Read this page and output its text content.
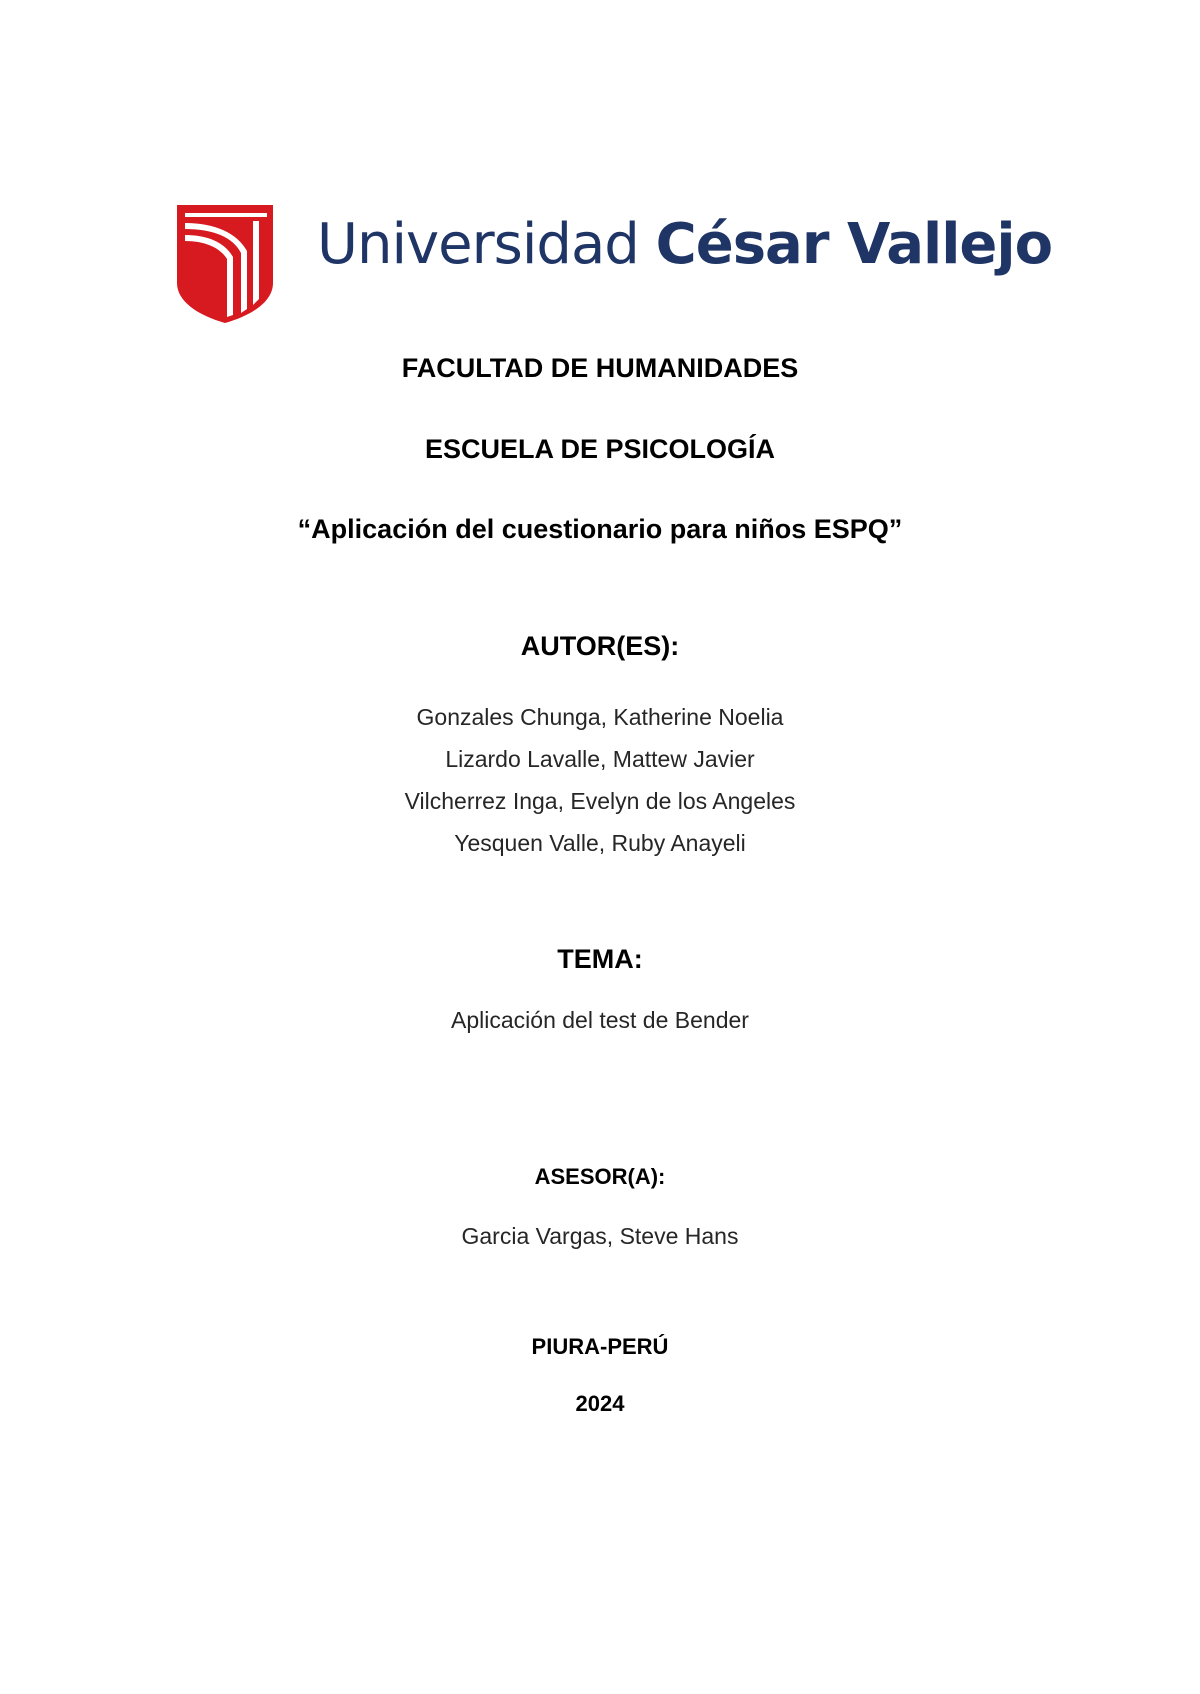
Universidad César Vallejo
FACULTAD DE HUMANIDADES
ESCUELA DE PSICOLOGÍA
“Aplicación del cuestionario para niños ESPQ”
AUTOR(ES):
Gonzales Chunga, Katherine Noelia
Lizardo Lavalle, Mattew Javier
Vilcherrez Inga, Evelyn de los Angeles
Yesquen Valle, Ruby Anayeli
TEMA:
Aplicación del test de Bender
ASESOR(A):
Garcia Vargas, Steve Hans
PIURA-PERÚ
2024
